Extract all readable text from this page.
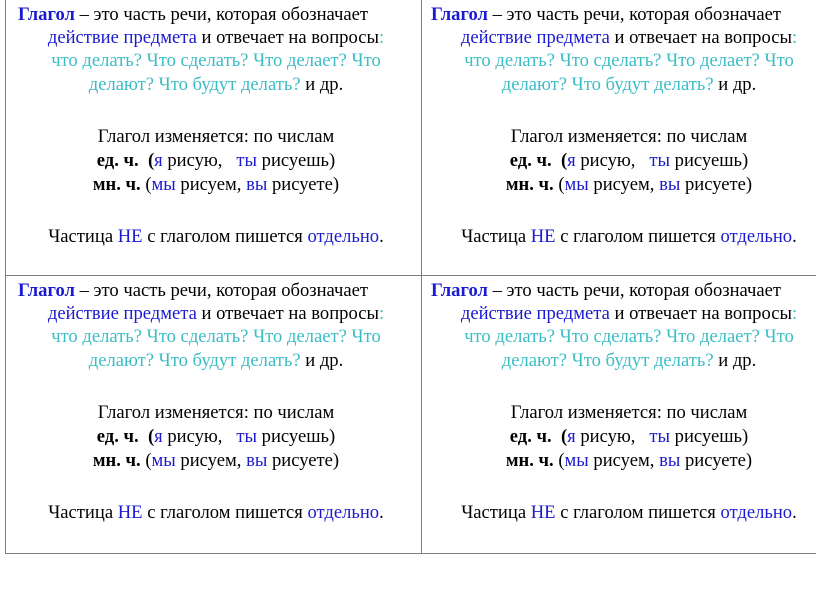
Глагол – это часть речи, которая обозначает
действие предмета и отвечает на вопросы:
что делать? Что сделать? Что делает? Что
делают? Что будут делать? и др.
Глагол изменяется: по числам
ед. ч.  (я рисую,   ты рисуешь)
мн. ч. (мы рисуем, вы рисуете)
Частица НЕ с глаголом пишется отдельно.
Глагол – это часть речи, которая обозначает
действие предмета и отвечает на вопросы:
что делать? Что сделать? Что делает? Что
делают? Что будут делать? и др.
Глагол изменяется: по числам
ед. ч.  (я рисую,   ты рисуешь)
мн. ч. (мы рисуем, вы рисуете)
Частица НЕ с глаголом пишется отдельно.
Глагол – это часть речи, которая обозначает
действие предмета и отвечает на вопросы:
что делать? Что сделать? Что делает? Что
делают? Что будут делать? и др.
Глагол изменяется: по числам
ед. ч.  (я рисую,   ты рисуешь)
мн. ч. (мы рисуем, вы рисуете)
Частица НЕ с глаголом пишется отдельно.
Глагол – это часть речи, которая обозначает
действие предмета и отвечает на вопросы:
что делать? Что сделать? Что делает? Что
делают? Что будут делать? и др.
Глагол изменяется: по числам
ед. ч.  (я рисую,   ты рисуешь)
мн. ч. (мы рисуем, вы рисуете)
Частица НЕ с глаголом пишется отдельно.
